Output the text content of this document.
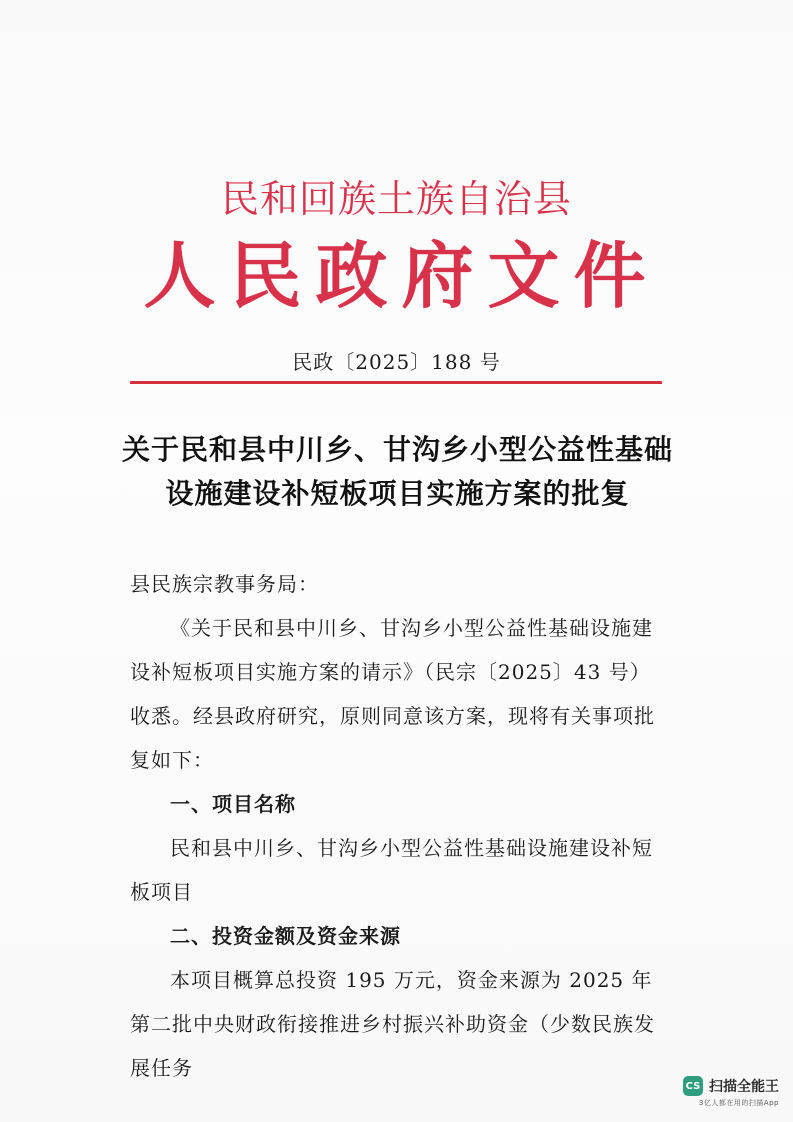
民和回族土族自治县
人民政府文件
民政〔2025〕188 号
关于民和县中川乡、甘沟乡小型公益性基础
设施建设补短板项目实施方案的批复

县民族宗教事务局：

《关于民和县中川乡、甘沟乡小型公益性基础设施建设补短板项目实施方案的请示》（民宗〔2025〕43 号）收悉。经县政府研究，原则同意该方案，现将有关事项批复如下：

一、项目名称

民和县中川乡、甘沟乡小型公益性基础设施建设补短板项目

二、投资金额及资金来源

本项目概算总投资 195 万元，资金来源为 2025 年第二批中央财政衔接推进乡村振兴补助资金（少数民族发展任务

CS 扫描全能王
3亿人都在用的扫描App
